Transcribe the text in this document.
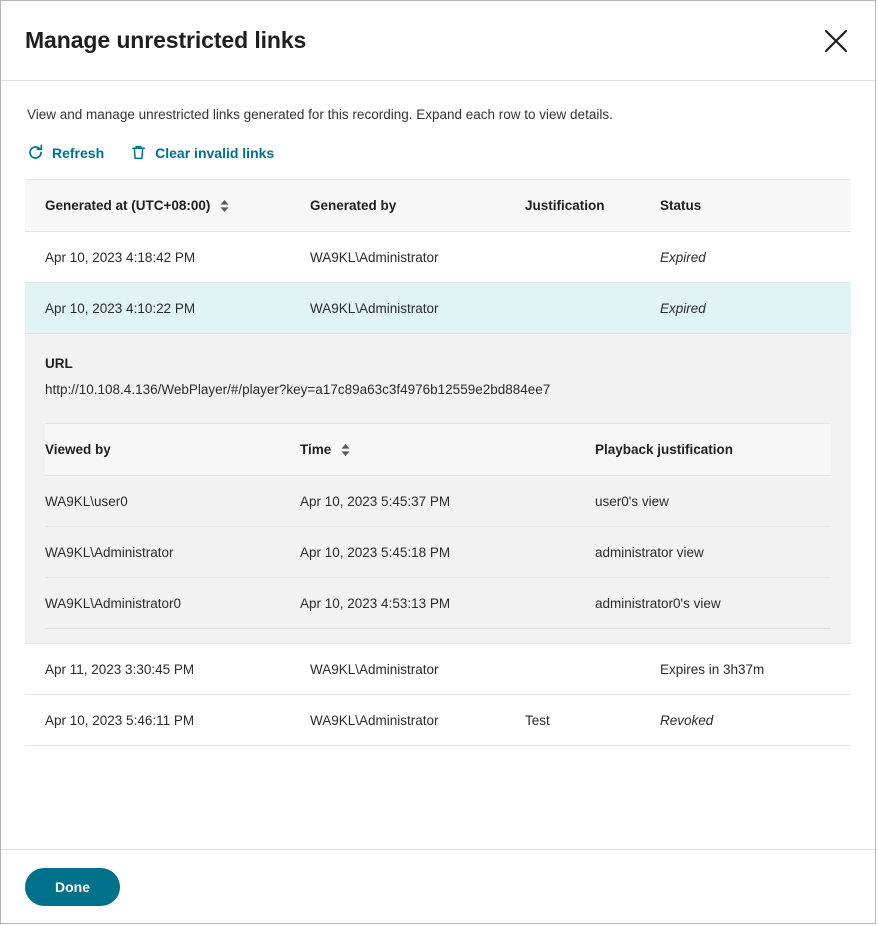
Manage unrestricted links

View and manage unrestricted links generated for this recording. Expand each row to view details.

Refresh	Clear invalid links
Generated at (UTC+08:00)	Generated by	Justification	Status
Apr 10, 2023 4:18:42 PM	WA9KL\Administrator		Expired
Apr 10, 2023 4:10:22 PM	WA9KL\Administrator		Expired

URL
http://10.108.4.136/WebPlayer/#/player?key=a17c89a63c3f4976b12559e2bd884ee7
Viewed by	Time	Playback justification
WA9KL\user0	Apr 10, 2023 5:45:37 PM	user0's view
WA9KL\Administrator	Apr 10, 2023 5:45:18 PM	administrator view
WA9KL\Administrator0	Apr 10, 2023 4:53:13 PM	administrator0's view

Apr 11, 2023 3:30:45 PM	WA9KL\Administrator		Expires in 3h37m
Apr 10, 2023 5:46:11 PM	WA9KL\Administrator	Test	Revoked
Done
